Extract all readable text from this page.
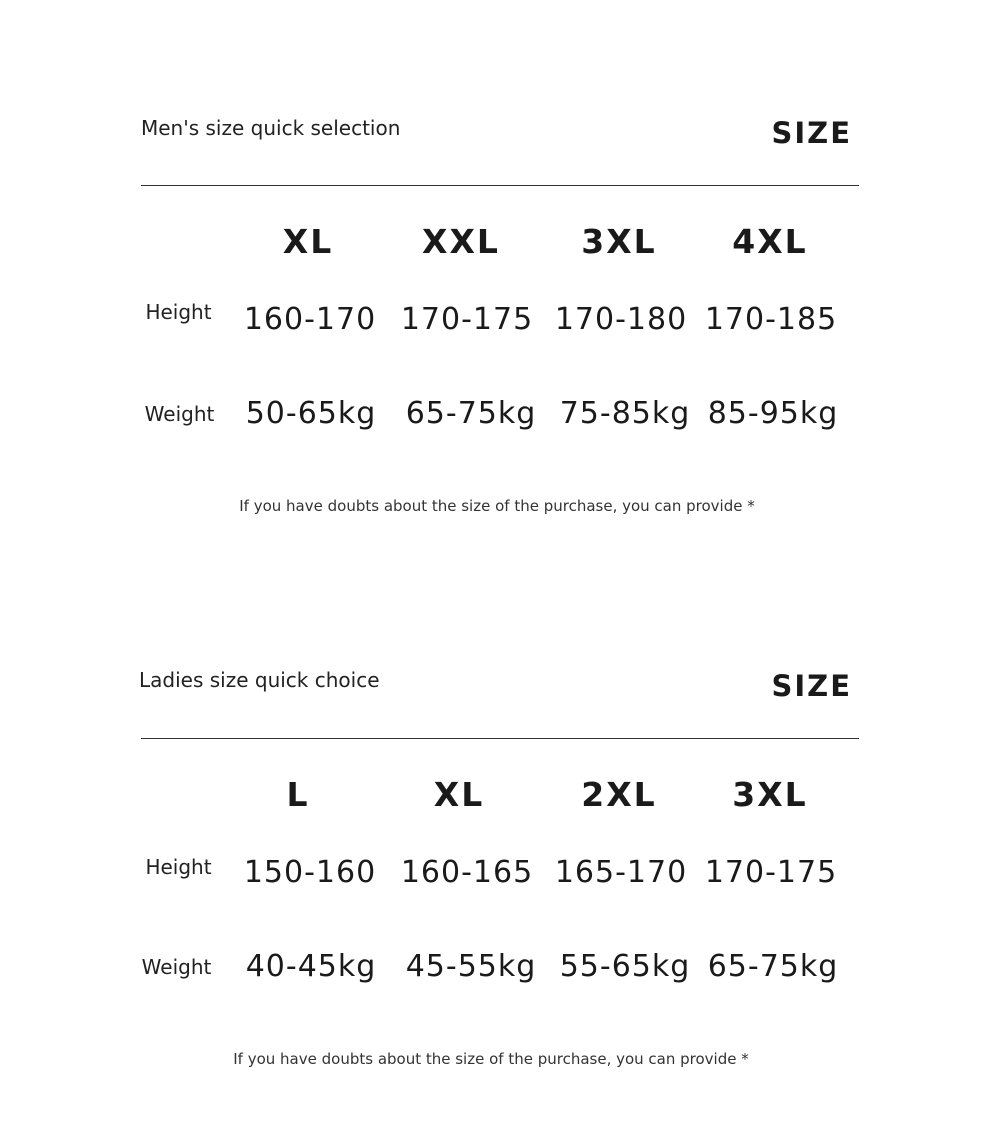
Men's size quick selection	SIZE
XL	XXL	3XL	4XL
Height 160-170 170-175 170-180 170-185
Weight	50-65kg 65-75kg 75-85kg 85-95kg
If you have doubts about the size of the purchase, you can provide *
Ladies size quick choice	SIZE
L	XL	2XL	3XL
Height 150-160 160-165 165-170 170-175
Weight	40-45kg 45-55kg 55-65kg 65-75kg
If you have doubts about the size of the purchase, you can provide *
